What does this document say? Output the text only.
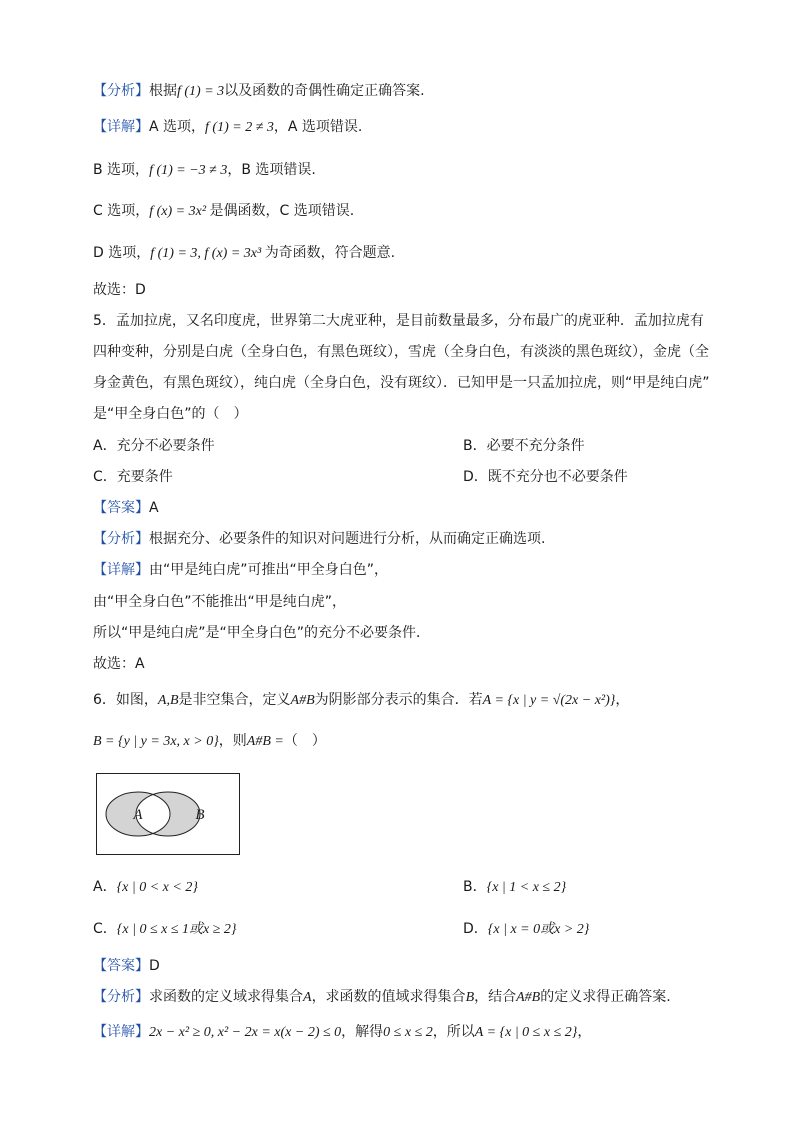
【分析】根据f (1) = 3以及函数的奇偶性确定正确答案.
【详解】A 选项，f (1) = 2 ≠ 3，A 选项错误.
B 选项，f (1) = −3 ≠ 3，B 选项错误.
C 选项，f (x) = 3x² 是偶函数，C 选项错误.
D 选项，f (1) = 3, f (x) = 3x³ 为奇函数，符合题意.
故选：D
5．孟加拉虎，又名印度虎，世界第二大虎亚种，是目前数量最多，分布最广的虎亚种．孟加拉虎有
四种变种，分别是白虎（全身白色，有黑色斑纹），雪虎（全身白色，有淡淡的黑色斑纹），金虎（全
身金黄色，有黑色斑纹），纯白虎（全身白色，没有斑纹）．已知甲是一只孟加拉虎，则“甲是纯白虎”
是“甲全身白色”的（　）
A．充分不必要条件	B．必要不充分条件
C．充要条件	D．既不充分也不必要条件
【答案】A
【分析】根据充分、必要条件的知识对问题进行分析，从而确定正确选项.
【详解】由“甲是纯白虎”可推出“甲全身白色”，
由“甲全身白色”不能推出“甲是纯白虎”，
所以“甲是纯白虎”是“甲全身白色”的充分不必要条件．
故选：A
6．如图，A,B是非空集合，定义A#B为阴影部分表示的集合．若A = {x | y = √(2x − x²)}，
B = {y | y = 3x, x > 0}，则A#B =（　）
A	B
A．{x | 0 < x < 2}	B．{x | 1 < x ≤ 2}
C．{x | 0 ≤ x ≤ 1或x ≥ 2}	D．{x | x = 0或x > 2}
【答案】D
【分析】求函数的定义域求得集合A，求函数的值域求得集合B，结合A#B的定义求得正确答案.
【详解】2x − x² ≥ 0, x² − 2x = x(x − 2) ≤ 0，解得0 ≤ x ≤ 2，所以A = {x | 0 ≤ x ≤ 2}，
